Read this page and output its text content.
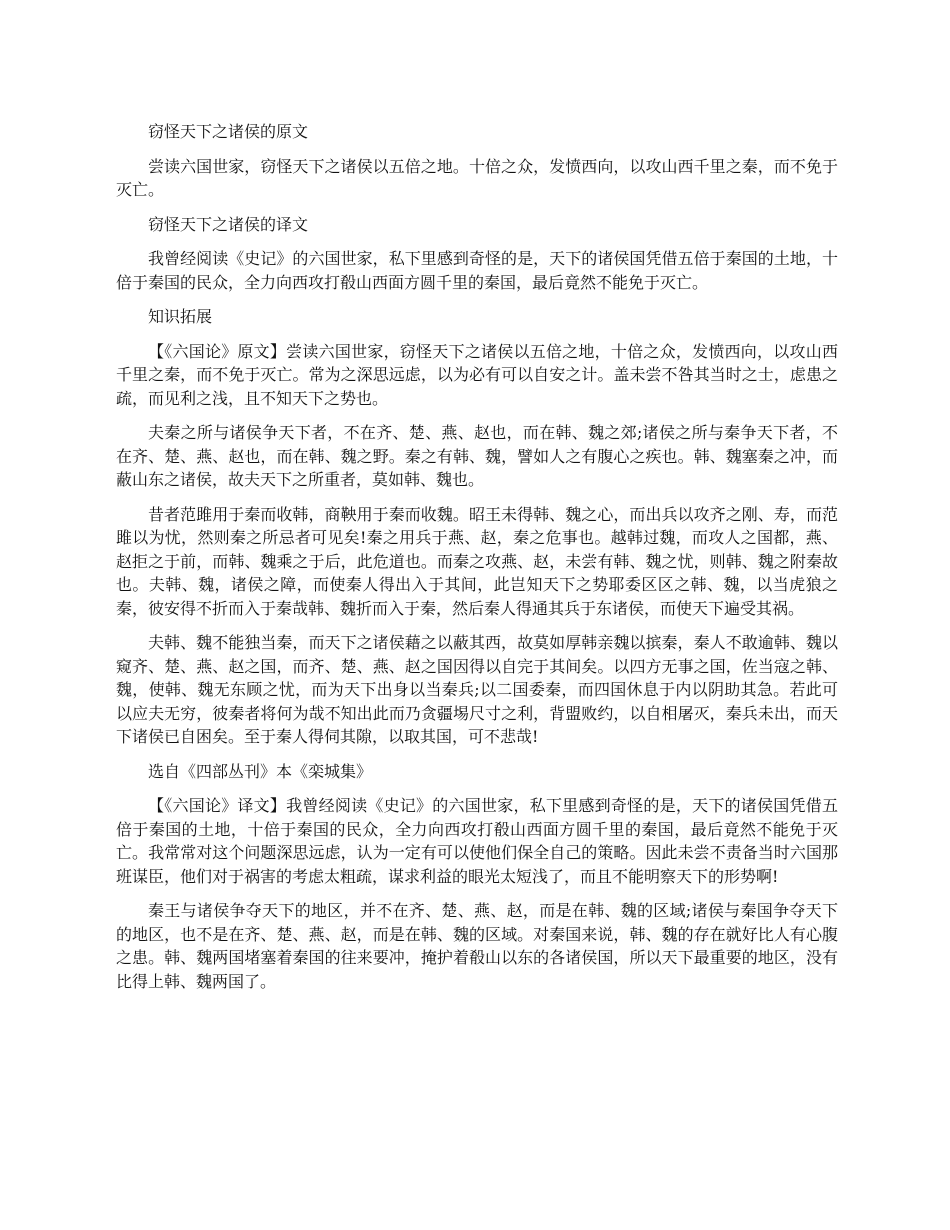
窃怪天下之诸侯的原文

尝读六国世家，窃怪天下之诸侯以五倍之地。十倍之众，发愤西向，以攻山西千里之秦，而不免于灭亡。

窃怪天下之诸侯的译文

我曾经阅读《史记》的六国世家，私下里感到奇怪的是，天下的诸侯国凭借五倍于秦国的土地，十倍于秦国的民众，全力向西攻打殽山西面方圆千里的秦国，最后竟然不能免于灭亡。

知识拓展

【《六国论》原文】尝读六国世家，窃怪天下之诸侯以五倍之地，十倍之众，发愤西向，以攻山西千里之秦，而不免于灭亡。常为之深思远虑，以为必有可以自安之计。盖未尝不咎其当时之士，虑患之疏，而见利之浅，且不知天下之势也。

夫秦之所与诸侯争天下者，不在齐、楚、燕、赵也，而在韩、魏之郊;诸侯之所与秦争天下者，不在齐、楚、燕、赵也，而在韩、魏之野。秦之有韩、魏，譬如人之有腹心之疾也。韩、魏塞秦之冲，而蔽山东之诸侯，故夫天下之所重者，莫如韩、魏也。

昔者范雎用于秦而收韩，商鞅用于秦而收魏。昭王未得韩、魏之心，而出兵以攻齐之刚、寿，而范雎以为忧，然则秦之所忌者可见矣!秦之用兵于燕、赵，秦之危事也。越韩过魏，而攻人之国都，燕、赵拒之于前，而韩、魏乘之于后，此危道也。而秦之攻燕、赵，未尝有韩、魏之忧，则韩、魏之附秦故也。夫韩、魏，诸侯之障，而使秦人得出入于其间，此岂知天下之势耶委区区之韩、魏，以当虎狼之秦，彼安得不折而入于秦哉韩、魏折而入于秦，然后秦人得通其兵于东诸侯，而使天下遍受其祸。

夫韩、魏不能独当秦，而天下之诸侯藉之以蔽其西，故莫如厚韩亲魏以摈秦，秦人不敢逾韩、魏以窥齐、楚、燕、赵之国，而齐、楚、燕、赵之国因得以自完于其间矣。以四方无事之国，佐当寇之韩、魏，使韩、魏无东顾之忧，而为天下出身以当秦兵;以二国委秦，而四国休息于内以阴助其急。若此可以应夫无穷，彼秦者将何为哉不知出此而乃贪疆埸尺寸之利，背盟败约，以自相屠灭，秦兵未出，而天下诸侯已自困矣。至于秦人得伺其隙，以取其国，可不悲哉!

选自《四部丛刊》本《栾城集》

【《六国论》译文】我曾经阅读《史记》的六国世家，私下里感到奇怪的是，天下的诸侯国凭借五倍于秦国的土地，十倍于秦国的民众，全力向西攻打殽山西面方圆千里的秦国，最后竟然不能免于灭亡。我常常对这个问题深思远虑，认为一定有可以使他们保全自己的策略。因此未尝不责备当时六国那班谋臣，他们对于祸害的考虑太粗疏，谋求利益的眼光太短浅了，而且不能明察天下的形势啊!

秦王与诸侯争夺天下的地区，并不在齐、楚、燕、赵，而是在韩、魏的区域;诸侯与秦国争夺天下的地区，也不是在齐、楚、燕、赵，而是在韩、魏的区域。对秦国来说，韩、魏的存在就好比人有心腹之患。韩、魏两国堵塞着秦国的往来要冲，掩护着殽山以东的各诸侯国，所以天下最重要的地区，没有比得上韩、魏两国了。
